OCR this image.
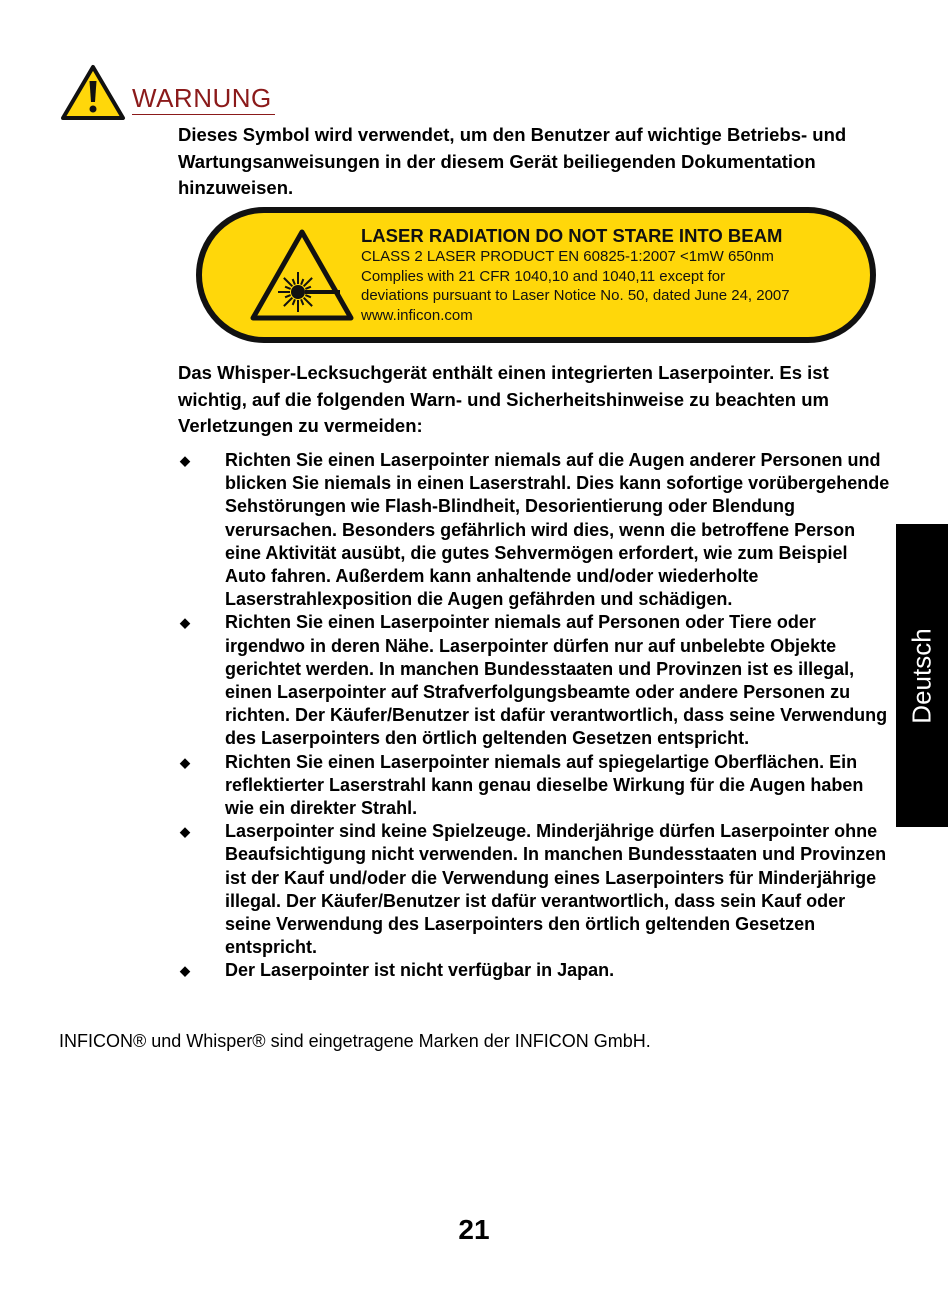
WARNUNG
Dieses Symbol wird verwendet, um den Benutzer auf wichtige Betriebs- und Wartungsanweisungen in der diesem Gerät beiliegenden Dokumentation hinzuweisen.
LASER RADIATION DO NOT STARE INTO BEAM
CLASS 2 LASER PRODUCT EN 60825-1:2007 <1mW 650nm
Complies with 21 CFR 1040,10 and 1040,11 except for
deviations pursuant to Laser Notice No. 50, dated June 24, 2007
www.inficon.com
Das Whisper-Lecksuchgerät enthält einen integrierten Laserpointer. Es ist wichtig, auf die folgenden Warn- und Sicherheitshinweise zu beachten um Verletzungen zu vermeiden:
◆ Richten Sie einen Laserpointer niemals auf die Augen anderer Personen und blicken Sie niemals in einen Laserstrahl. Dies kann sofortige vorübergehende Sehstörungen wie Flash-Blindheit, Desorientierung oder Blendung verursachen. Besonders gefährlich wird dies, wenn die betroffene Person eine Aktivität ausübt, die gutes Sehvermögen erfordert, wie zum Beispiel Auto fahren. Außerdem kann anhaltende und/oder wiederholte Laserstrahlexposition die Augen gefährden und schädigen.
◆ Richten Sie einen Laserpointer niemals auf Personen oder Tiere oder irgendwo in deren Nähe. Laserpointer dürfen nur auf unbelebte Objekte gerichtet werden. In manchen Bundesstaaten und Provinzen ist es illegal, einen Laserpointer auf Strafverfolgungsbeamte oder andere Personen zu richten. Der Käufer/Benutzer ist dafür verantwortlich, dass seine Verwendung des Laserpointers den örtlich geltenden Gesetzen entspricht.
◆ Richten Sie einen Laserpointer niemals auf spiegelartige Oberflächen. Ein reflektierter Laserstrahl kann genau dieselbe Wirkung für die Augen haben wie ein direkter Strahl.
◆ Laserpointer sind keine Spielzeuge. Minderjährige dürfen Laserpointer ohne Beaufsichtigung nicht verwenden. In manchen Bundesstaaten und Provinzen ist der Kauf und/oder die Verwendung eines Laserpointers für Minderjährige illegal. Der Käufer/Benutzer ist dafür verantwortlich, dass sein Kauf oder seine Verwendung des Laserpointers den örtlich geltenden Gesetzen entspricht.
◆ Der Laserpointer ist nicht verfügbar in Japan.
INFICON® und Whisper® sind eingetragene Marken der INFICON GmbH.
21
Deutsch
